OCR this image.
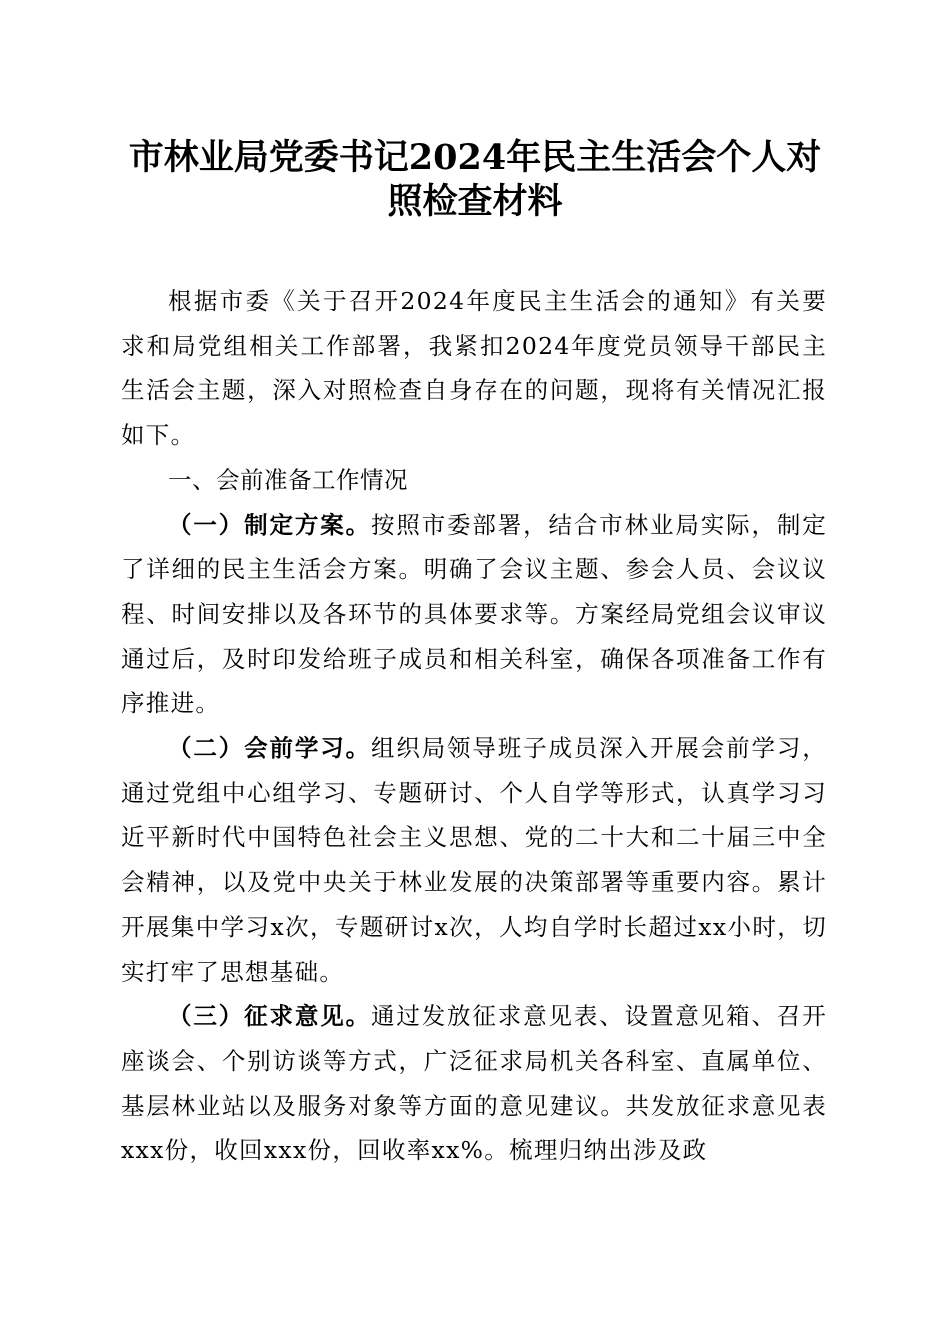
市林业局党委书记2024年民主生活会个人对
照检查材料

根据市委《关于召开2024年度民主生活会的通知》有关要求和局党组相关工作部署，我紧扣2024年度党员领导干部民主生活会主题，深入对照检查自身存在的问题，现将有关情况汇报如下。

一、会前准备工作情况

（一）制定方案。按照市委部署，结合市林业局实际，制定了详细的民主生活会方案。明确了会议主题、参会人员、会议议程、时间安排以及各环节的具体要求等。方案经局党组会议审议通过后，及时印发给班子成员和相关科室，确保各项准备工作有序推进。

（二）会前学习。组织局领导班子成员深入开展会前学习，通过党组中心组学习、专题研讨、个人自学等形式，认真学习习近平新时代中国特色社会主义思想、党的二十大和二十届三中全会精神，以及党中央关于林业发展的决策部署等重要内容。累计开展集中学习x次，专题研讨x次，人均自学时长超过xx小时，切实打牢了思想基础。

（三）征求意见。通过发放征求意见表、设置意见箱、召开座谈会、个别访谈等方式，广泛征求局机关各科室、直属单位、基层林业站以及服务对象等方面的意见建议。共发放征求意见表xxx份，收回xxx份，回收率xx%。梳理归纳出涉及政
